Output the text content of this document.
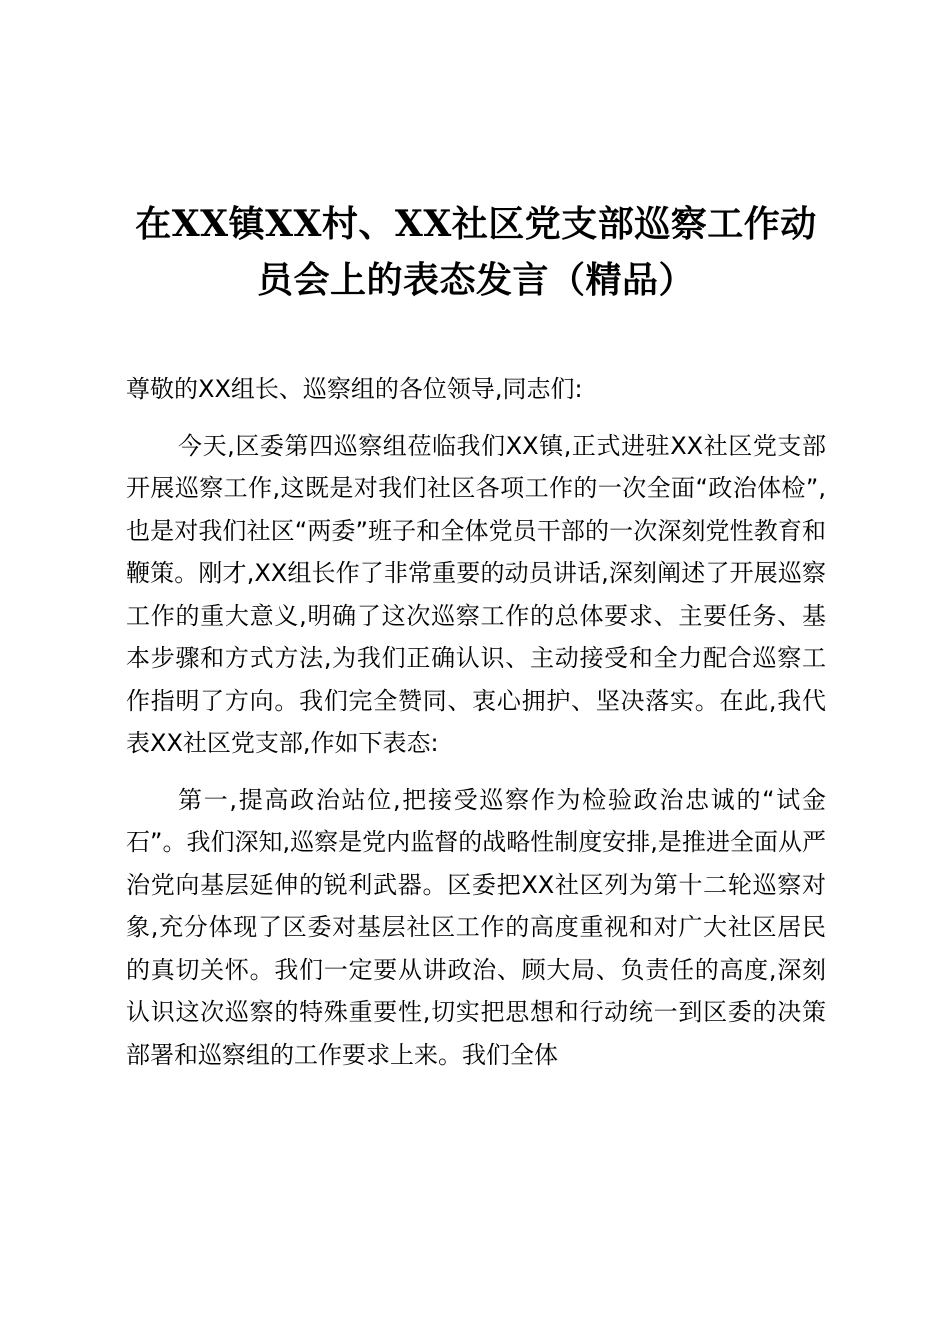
在XX镇XX村、XX社区党支部巡察工作动
员会上的表态发言（精品）

尊敬的XX组长、巡察组的各位领导,同志们:

今天,区委第四巡察组莅临我们XX镇,正式进驻XX社区党支部开展巡察工作,这既是对我们社区各项工作的一次全面“政治体检”,也是对我们社区“两委”班子和全体党员干部的一次深刻党性教育和鞭策。刚才,XX组长作了非常重要的动员讲话,深刻阐述了开展巡察工作的重大意义,明确了这次巡察工作的总体要求、主要任务、基本步骤和方式方法,为我们正确认识、主动接受和全力配合巡察工作指明了方向。我们完全赞同、衷心拥护、坚决落实。在此,我代表XX社区党支部,作如下表态:

第一,提高政治站位,把接受巡察作为检验政治忠诚的“试金石”。我们深知,巡察是党内监督的战略性制度安排,是推进全面从严治党向基层延伸的锐利武器。区委把XX社区列为第十二轮巡察对象,充分体现了区委对基层社区工作的高度重视和对广大社区居民的真切关怀。我们一定要从讲政治、顾大局、负责任的高度,深刻认识这次巡察的特殊重要性,切实把思想和行动统一到区委的决策部署和巡察组的工作要求上来。我们全体
